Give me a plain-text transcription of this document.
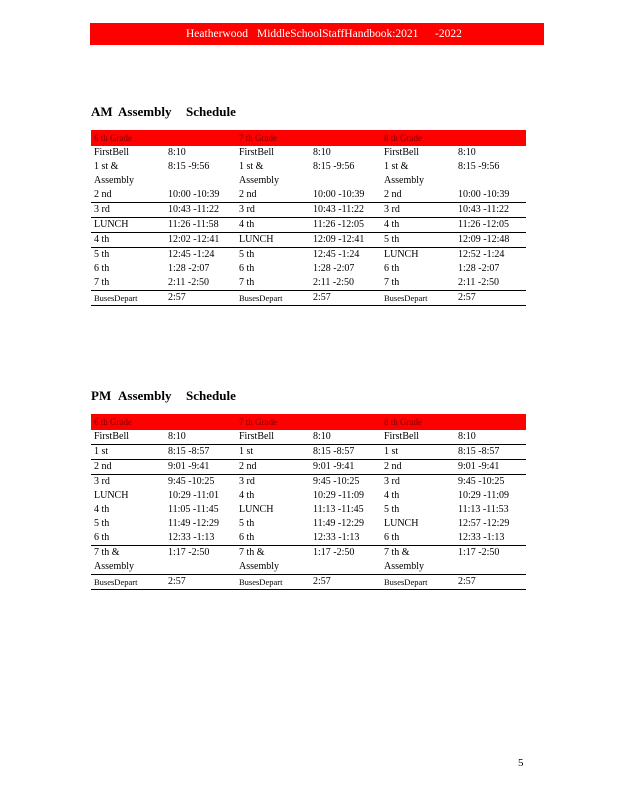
Heatherwood MiddleSchoolStaffHandbook:2021 -2022
AM Assembly Schedule
6 th Grade		7 th Grade		8 th Grade	
FirstBell	8:10	FirstBell	8:10	FirstBell	8:10
1 st &	8:15 -9:56	1 st &	8:15 -9:56	1 st &	8:15 -9:56
Assembly		Assembly		Assembly	
2 nd	10:00 -10:39	2 nd	10:00 -10:39	2 nd	10:00 -10:39
3 rd	10:43 -11:22	3 rd	10:43 -11:22	3 rd	10:43 -11:22
LUNCH	11:26 -11:58	4 th	11:26 -12:05	4 th	11:26 -12:05
4 th	12:02 -12:41	LUNCH	12:09 -12:41	5 th	12:09 -12:48
5 th	12:45 -1:24	5 th	12:45 -1:24	LUNCH	12:52 -1:24
6 th	1:28 -2:07	6 th	1:28 -2:07	6 th	1:28 -2:07
7 th	2:11 -2:50	7 th	2:11 -2:50	7 th	2:11 -2:50
BusesDepart	2:57	BusesDepart	2:57	BusesDepart	2:57
PM Assembly Schedule
6 th Grade		7 th Grade		8 th Grade	
FirstBell	8:10	FirstBell	8:10	FirstBell	8:10
1 st	8:15 -8:57	1 st	8:15 -8:57	1 st	8:15 -8:57
2 nd	9:01 -9:41	2 nd	9:01 -9:41	2 nd	9:01 -9:41
3 rd	9:45 -10:25	3 rd	9:45 -10:25	3 rd	9:45 -10:25
LUNCH	10:29 -11:01	4 th	10:29 -11:09	4 th	10:29 -11:09
4 th	11:05 -11:45	LUNCH	11:13 -11:45	5 th	11:13 -11:53
5 th	11:49 -12:29	5 th	11:49 -12:29	LUNCH	12:57 -12:29
6 th	12:33 -1:13	6 th	12:33 -1:13	6 th	12:33 -1:13
7 th &	1:17 -2:50	7 th &	1:17 -2:50	7 th &	1:17 -2:50
Assembly		Assembly		Assembly	
BusesDepart	2:57	BusesDepart	2:57	BusesDepart	2:57
5
